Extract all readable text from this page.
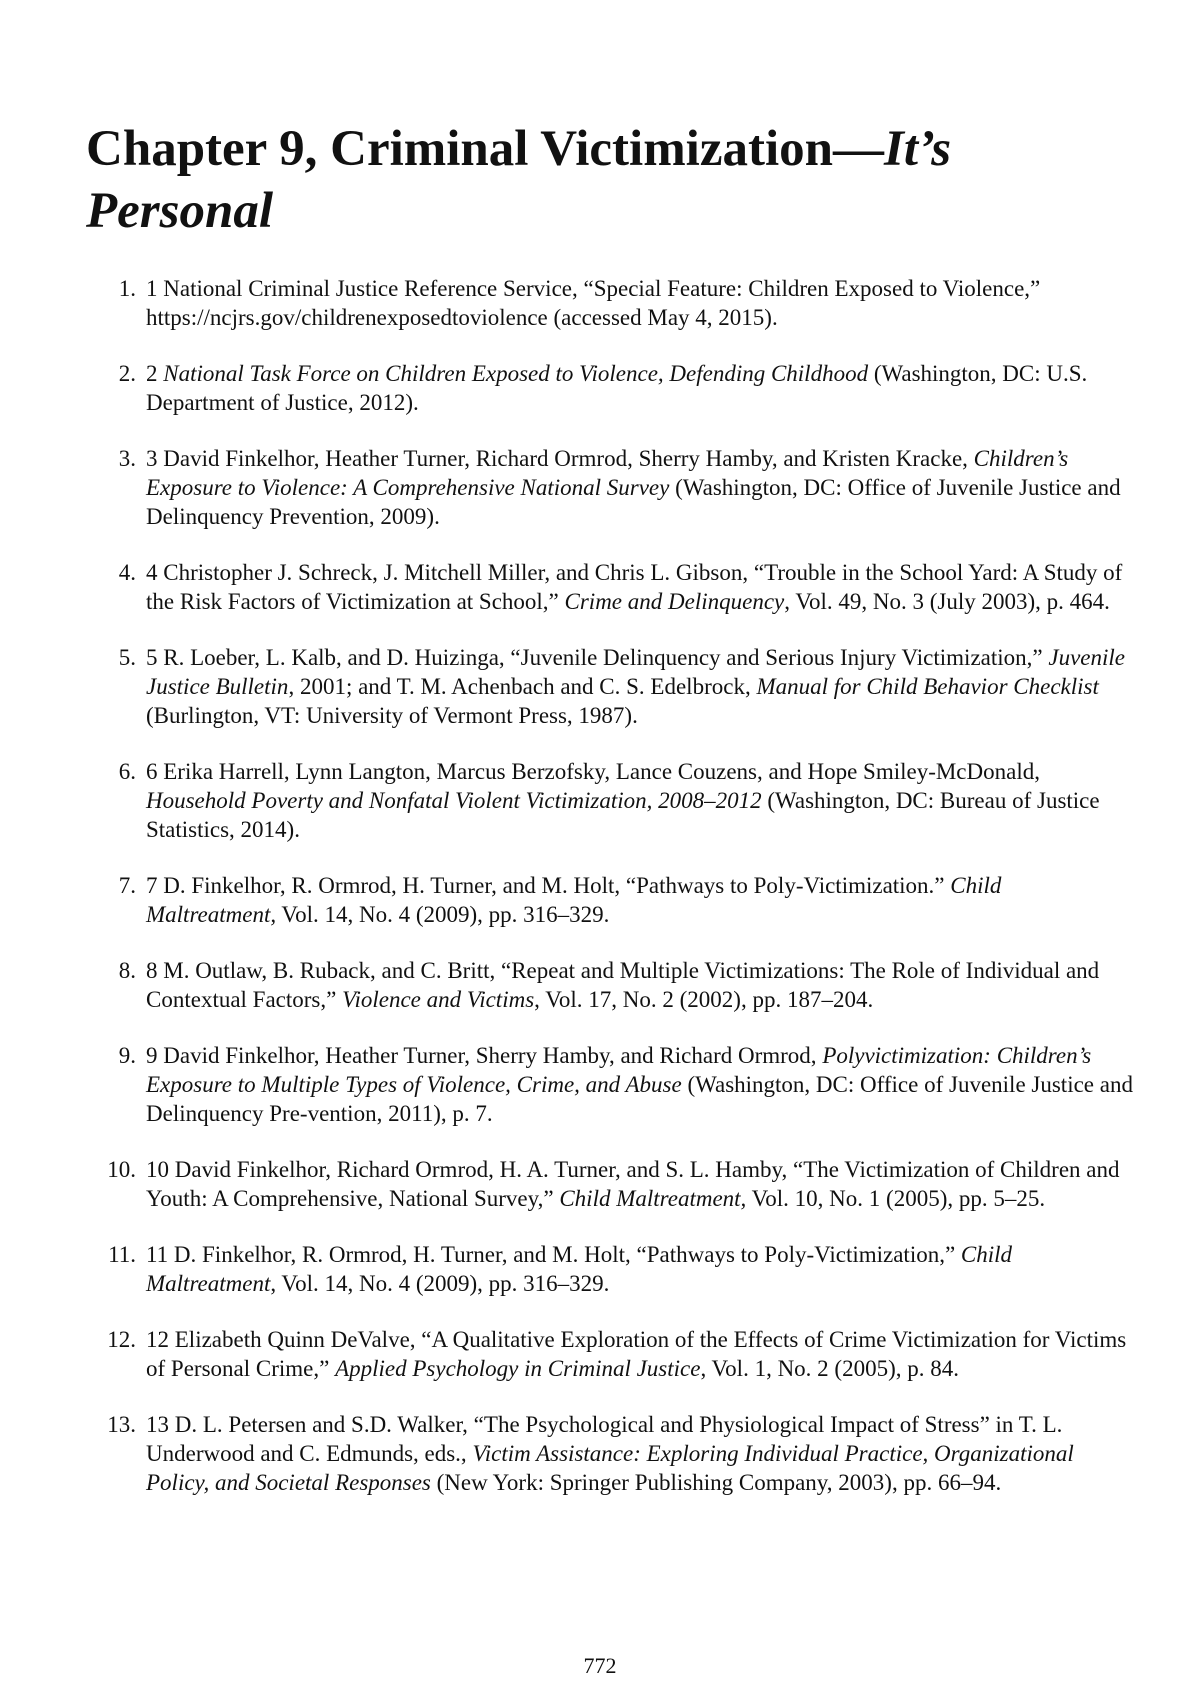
Chapter 9, Criminal Victimization—It’s Personal
1. 1 National Criminal Justice Reference Service, “Special Feature: Children Exposed to Violence,” https://ncjrs.gov/childrenexposedtoviolence (accessed May 4, 2015).
2. 2 National Task Force on Children Exposed to Violence, Defending Childhood (Washington, DC: U.S. Department of Justice, 2012).
3. 3 David Finkelhor, Heather Turner, Richard Ormrod, Sherry Hamby, and Kristen Kracke, Children’s Exposure to Violence: A Comprehensive National Survey (Washington, DC: Office of Juvenile Justice and Delinquency Prevention, 2009).
4. 4 Christopher J. Schreck, J. Mitchell Miller, and Chris L. Gibson, “Trouble in the School Yard: A Study of the Risk Factors of Victimization at School,” Crime and Delinquency, Vol. 49, No. 3 (July 2003), p. 464.
5. 5 R. Loeber, L. Kalb, and D. Huizinga, “Juvenile Delinquency and Serious Injury Victimization,” Juvenile Justice Bulletin, 2001; and T. M. Achenbach and C. S. Edelbrock, Manual for Child Behavior Checklist (Burlington, VT: University of Vermont Press, 1987).
6. 6 Erika Harrell, Lynn Langton, Marcus Berzofsky, Lance Couzens, and Hope Smiley-McDonald, Household Poverty and Nonfatal Violent Victimization, 2008–2012 (Washington, DC: Bureau of Justice Statistics, 2014).
7. 7 D. Finkelhor, R. Ormrod, H. Turner, and M. Holt, “Pathways to Poly-Victimization.” Child Maltreatment, Vol. 14, No. 4 (2009), pp. 316–329.
8. 8 M. Outlaw, B. Ruback, and C. Britt, “Repeat and Multiple Victimizations: The Role of Individual and Contextual Factors,” Violence and Victims, Vol. 17, No. 2 (2002), pp. 187–204.
9. 9 David Finkelhor, Heather Turner, Sherry Hamby, and Richard Ormrod, Polyvictimization: Children’s Exposure to Multiple Types of Violence, Crime, and Abuse (Washington, DC: Office of Juvenile Justice and Delinquency Pre-vention, 2011), p. 7.
10. 10 David Finkelhor, Richard Ormrod, H. A. Turner, and S. L. Hamby, “The Victimization of Children and Youth: A Comprehensive, National Survey,” Child Maltreatment, Vol. 10, No. 1 (2005), pp. 5–25.
11. 11 D. Finkelhor, R. Ormrod, H. Turner, and M. Holt, “Pathways to Poly-Victimization,” Child Maltreatment, Vol. 14, No. 4 (2009), pp. 316–329.
12. 12 Elizabeth Quinn DeValve, “A Qualitative Exploration of the Effects of Crime Victimization for Victims of Personal Crime,” Applied Psychology in Criminal Justice, Vol. 1, No. 2 (2005), p. 84.
13. 13 D. L. Petersen and S.D. Walker, “The Psychological and Physiological Impact of Stress” in T. L. Underwood and C. Edmunds, eds., Victim Assistance: Exploring Individual Practice, Organizational Policy, and Societal Responses (New York: Springer Publishing Company, 2003), pp. 66–94.
772
